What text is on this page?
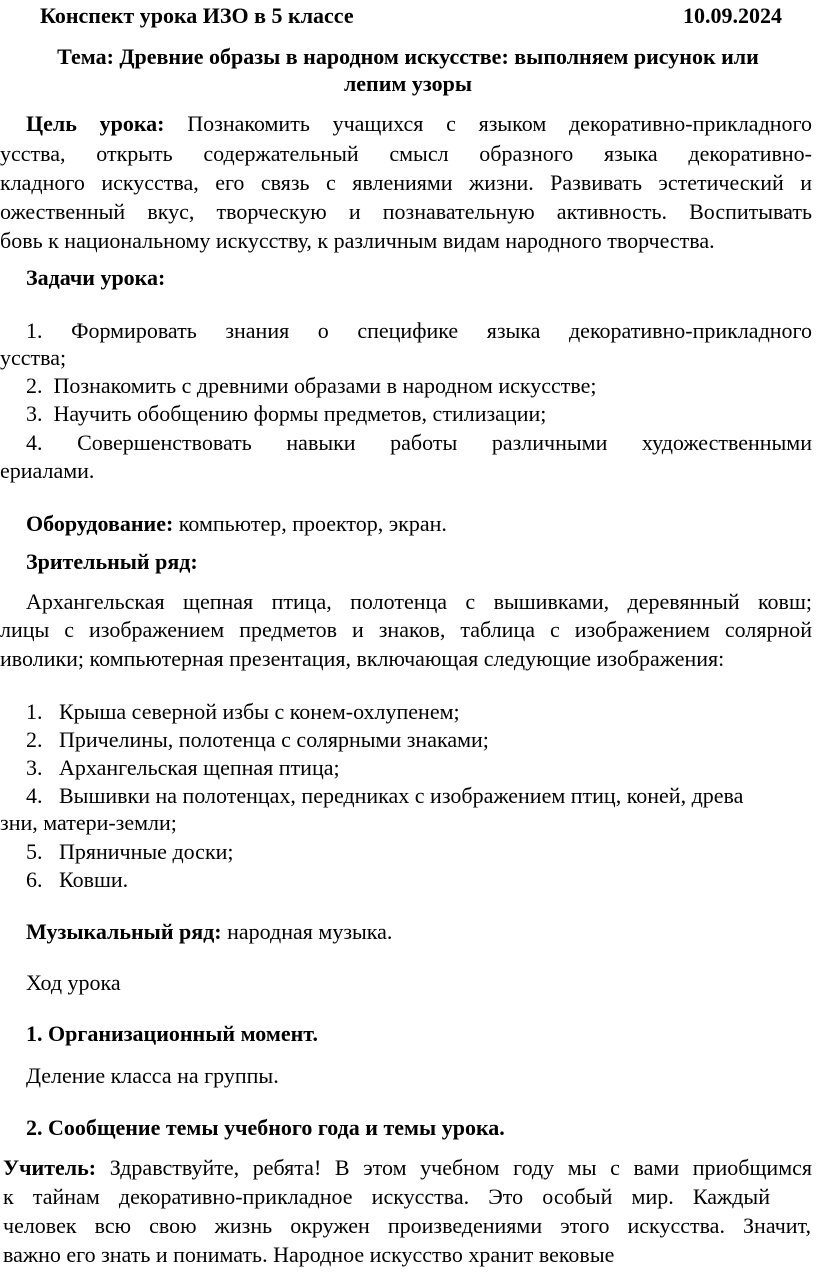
Конспект урока ИЗО в 5 классе	10.09.2024
Тема: Древние образы в народном искусстве: выполняем рисунок или
лепим узоры
Цель урока: Познакомить учащихся с языком декоративно-прикладного
усства, открыть содержательный смысл образного языка декоративно-
кладного искусства, его связь с явлениями жизни. Развивать эстетический и
ожественный вкус, творческую и познавательную активность. Воспитывать
бовь к национальному искусству, к различным видам народного творчества.
Задачи урока:
1. Формировать знания о специфике языка декоративно-прикладного
усства;
2. Познакомить с древними образами в народном искусстве;
3. Научить обобщению формы предметов, стилизации;
4. Совершенствовать навыки работы различными художественными
ериалами.
Оборудование: компьютер, проектор, экран.
Зрительный ряд:
Архангельская щепная птица, полотенца с вышивками, деревянный ковш;
лицы с изображением предметов и знаков, таблица с изображением солярной
иволики; компьютерная презентация, включающая следующие изображения:
1. Крыша северной избы с конем-охлупенем;
2. Причелины, полотенца с солярными знаками;
3. Архангельская щепная птица;
4. Вышивки на полотенцах, передниках с изображением птиц, коней, древа
зни, матери-земли;
5. Пряничные доски;
6. Ковши.
Музыкальный ряд: народная музыка.
Ход урока
1. Организационный момент.
Деление класса на группы.
2. Сообщение темы учебного года и темы урока.
Учитель: Здравствуйте, ребята! В этом учебном году мы с вами приобщимся
к тайнам декоративно-прикладное искусства. Это особый мир. Каждый
человек всю свою жизнь окружен произведениями этого искусства. Значит,
важно его знать и понимать. Народное искусство хранит вековые
